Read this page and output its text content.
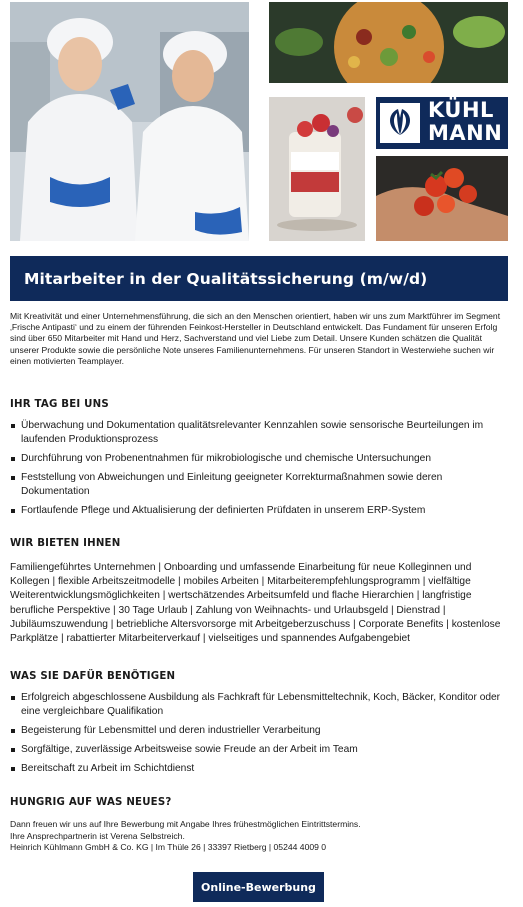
KÜHL
MANN
Mitarbeiter in der Qualitätssicherung (m/w/d)

Mit Kreativität und einer Unternehmensführung, die sich an den Menschen orientiert, haben wir uns zum Marktführer im Segment ‚Frische Antipasti‘ und zu einem der führenden Feinkost-Hersteller in Deutschland entwickelt. Das Fundament für unseren Erfolg sind über 650 Mitarbeiter mit Hand und Herz, Sachverstand und viel Liebe zum Detail. Unsere Kunden schätzen die Qualität unserer Produkte sowie die persönliche Note unseres Familienunternehmens. Für unseren Standort in Westerwiehe suchen wir einen motivierten Teamplayer.

IHR TAG BEI UNS
Überwachung und Dokumentation qualitätsrelevanter Kennzahlen sowie sensorische Beurteilungen im laufenden Produktionsprozess
Durchführung von Probenentnahmen für mikrobiologische und chemische Untersuchungen
Feststellung von Abweichungen und Einleitung geeigneter Korrekturmaßnahmen sowie deren Dokumentation
Fortlaufende Pflege und Aktualisierung der definierten Prüfdaten in unserem ERP-System
WIR BIETEN IHNEN

Familiengeführtes Unternehmen | Onboarding und umfassende Einarbeitung für neue Kolleginnen und Kollegen | flexible Arbeitszeitmodelle | mobiles Arbeiten | Mitarbeiterempfehlungsprogramm | vielfältige Weiterentwicklungsmöglichkeiten | wertschätzendes Arbeitsumfeld und flache Hierarchien | langfristige berufliche Perspektive | 30 Tage Urlaub | Zahlung von Weihnachts- und Urlaubsgeld | Dienstrad | Jubiläumszuwendung | betriebliche Altersvorsorge mit Arbeitgeberzuschuss | Corporate Benefits | kostenlose Parkplätze | rabattierter Mitarbeiterverkauf | vielseitiges und spannendes Aufgabengebiet

WAS SIE DAFÜR BENÖTIGEN
Erfolgreich abgeschlossene Ausbildung als Fachkraft für Lebensmitteltechnik, Koch, Bäcker, Konditor oder eine vergleichbare Qualifikation
Begeisterung für Lebensmittel und deren industrieller Verarbeitung
Sorgfältige, zuverlässige Arbeitsweise sowie Freude an der Arbeit im Team
Bereitschaft zu Arbeit im Schichtdienst
HUNGRIG AUF WAS NEUES?

Dann freuen wir uns auf Ihre Bewerbung mit Angabe Ihres frühestmöglichen Eintrittstermins.

Ihre Ansprechpartnerin ist Verena Selbstreich.

Heinrich Kühlmann GmbH & Co. KG | Im Thüle 26 | 33397 Rietberg | 05244 4009 0

Online-Bewerbung
